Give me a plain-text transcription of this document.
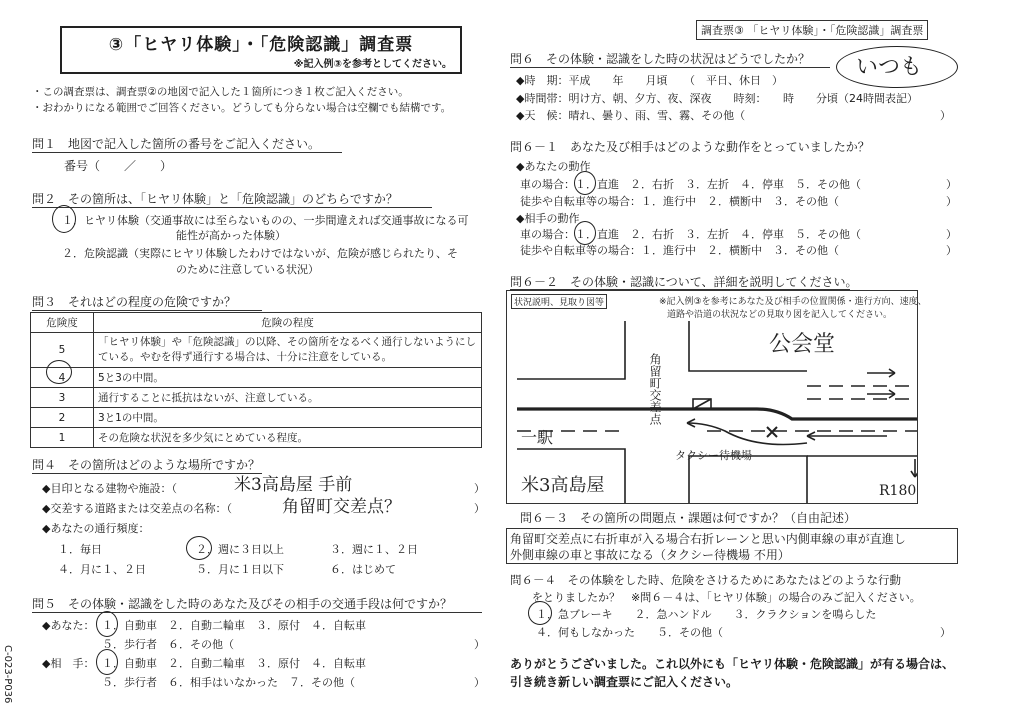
③「ヒヤリ体験」・「危険認識」調査票
※記入例③を参考としてください。
調査票③ 「ヒヤリ体験」・「危険認識」調査票
・この調査票は、調査票②の地図で記入した１箇所につき１枚ご記入ください。
・おわかりになる範囲でご回答ください。どうしても分らない場合は空欄でも結構です。
問１　地図で記入した箇所の番号をご記入ください。
番号（　　／　　）
問２　その箇所は、「ヒヤリ体験」と「危険認識」のどちらですか？
１．ヒヤリ体験（交通事故には至らないものの、一歩間違えれば交通事故になる可
能性が高かった体験）
２．危険認識（実際にヒヤリ体験したわけではないが、危険が感じられたり、そ
のために注意している状況）
問３　それはどの程度の危険ですか？
危険度	危険の程度
5	「ヒヤリ体験」や「危険認識」の以降、その箇所をなるべく通行しないようにしている。やむを得ず通行する場合は、十分に注意をしている。
4	5と3の中間。
3	通行することに抵抗はないが、注意している。
2	3と1の中間。
1	その危険な状況を多少気にとめている程度。
問４　その箇所はどのような場所ですか？
◆目印となる建物や施設：（	米3高島屋 手前	）
◆交差する道路または交差点の名称：（	角留町交差点？	）
◆あなたの通行頻度：
１．毎日	２．週に３日以上	３．週に１、２日
４．月に１、２日	５．月に１日以下	６．はじめて
問５　その体験・認識をした時のあなた及びその相手の交通手段は何ですか？
◆あなた： １．自動車　２．自動二輪車　３．原付　４．自転車
５．歩行者　６．その他（	）
◆相　手： １．自動車　２．自動二輪車　３．原付　４．自転車
５．歩行者　６．相手はいなかった　７．その他（	）
C-023-P036
問６　その体験・認識をした時の状況はどうでしたか？
◆時　期：平成　　年　　月頃　　（　平日、休日　）
いつも
◆時間帯：明け方、朝、夕方、夜、深夜　　時刻：　　時　　分頃（24時間表記）
◆天　候：晴れ、曇り、雨、雪、霧、その他（	）
問６－１　あなた及び相手はどのような動作をとっていましたか？
◆あなたの動作
車の場合：１．直進　２．右折　３．左折　４．停車　５．その他（	）
徒歩や自転車等の場合：１．進行中　２．横断中　３．その他（	）
◆相手の動作
車の場合：１．直進　２．右折　３．左折　４．停車　５．その他（	）
徒歩や自転車等の場合：１．進行中　２．横断中　３．その他（	）
問６－２　その体験・認識について、詳細を説明してください。
状況説明、見取り図等	※記入例③を参考にあなた及び相手の位置関係・進行方向、速度、
道路や沿道の状況などの見取り図を記入してください。
公会堂
一駅
米3高島屋
タクシー待機場
R180
角留町交差点
問６－３　その箇所の問題点・課題は何ですか？（自由記述）
角留町交差点に右折車が入る場合右折レーンと思い内側車線の車が直進し
外側車線の車と事故になる（タクシー待機場 不用）
問６－４　その体験をした時、危険をさけるためにあなたはどのような行動
をとりましたか？　※問６－４は、「ヒヤリ体験」の場合のみご記入ください。
１．急ブレーキ　　２．急ハンドル　　３．クラクションを鳴らした
４．何もしなかった　　５．その他（	）
ありがとうございました。これ以外にも「ヒヤリ体験・危険認識」が有る場合は、
引き続き新しい調査票にご記入ください。
